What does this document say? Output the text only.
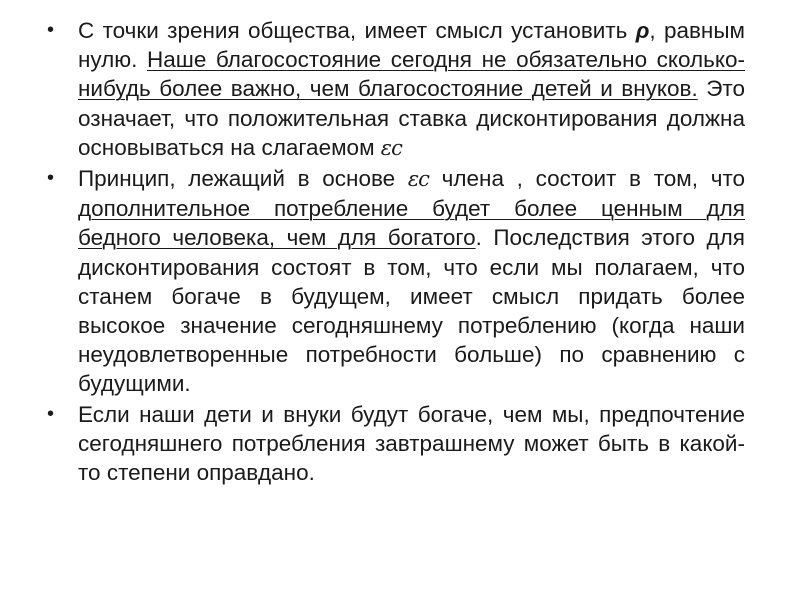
• С точки зрения общества, имеет смысл установить ρ, равным нулю. Наше благосостояние сегодня не обязательно сколько-нибудь более важно, чем благосостояние детей и внуков. Это означает, что положительная ставка дисконтирования должна основываться на слагаемом εc
• Принцип, лежащий в основе εc члена , состоит в том, что дополнительное потребление будет более ценным для бедного человека, чем для богатого. Последствия этого для дисконтирования состоят в том, что если мы полагаем, что станем богаче в будущем, имеет смысл придать более высокое значение сегодняшнему потреблению (когда наши неудовлетворенные потребности больше) по сравнению с будущими.
• Если наши дети и внуки будут богаче, чем мы, предпочтение сегодняшнего потребления завтрашнему может быть в какой-то степени оправдано.
